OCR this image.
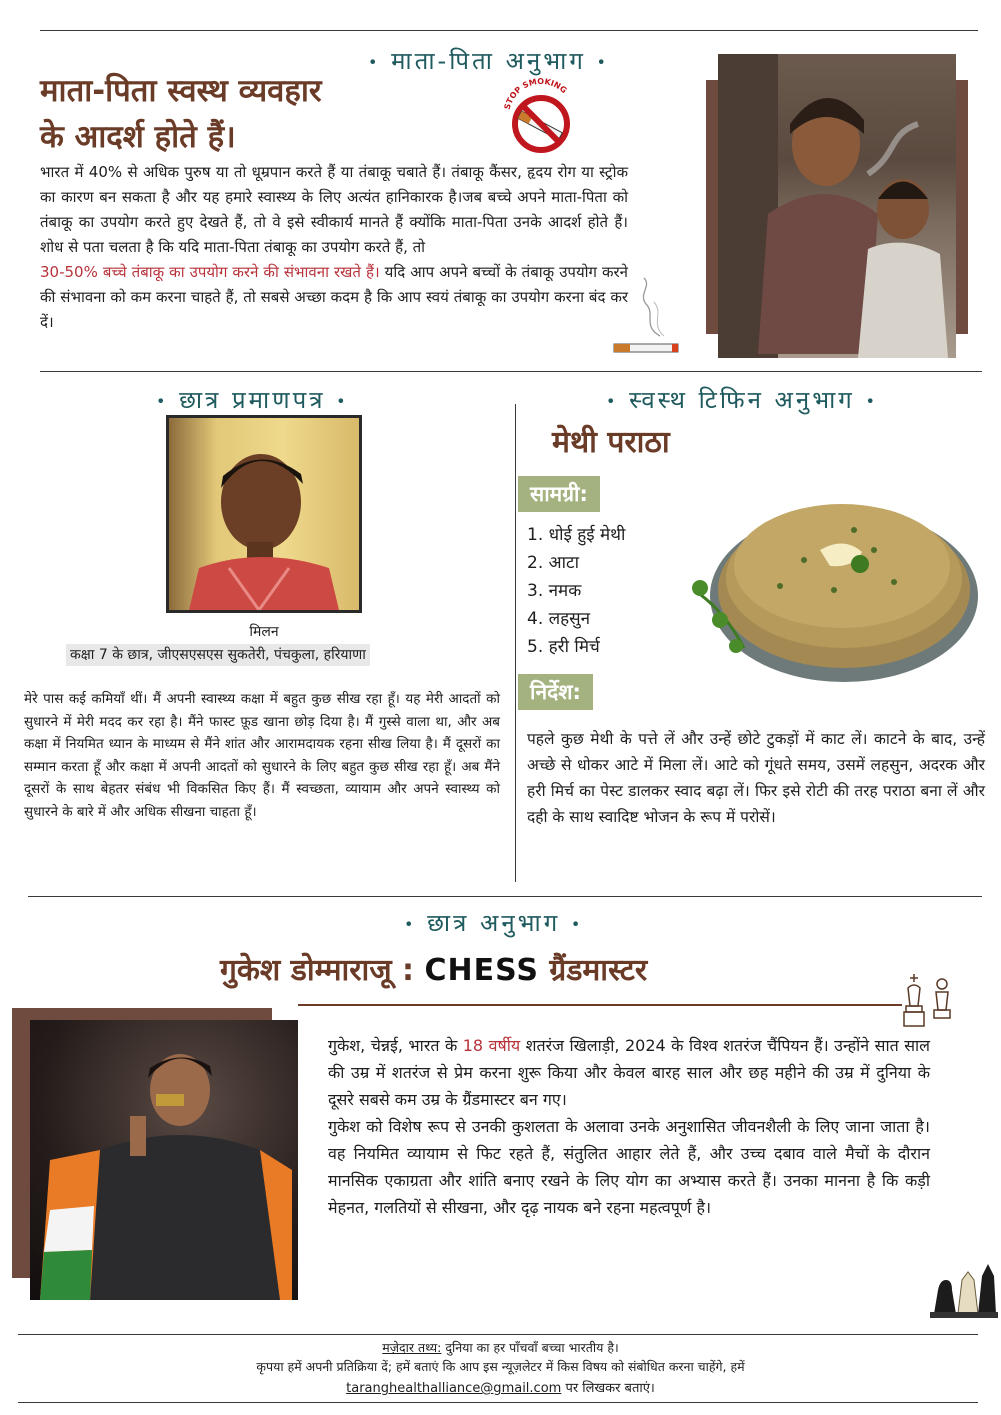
• माता-पिता अनुभाग •
माता-पिता स्वस्थ व्यवहार
के आदर्श होते हैं।
STOP SMOKING
भारत में 40% से अधिक पुरुष या तो धूम्रपान करते हैं या तंबाकू चबाते हैं। तंबाकू कैंसर, हृदय रोग या स्ट्रोक का कारण बन सकता है और यह हमारे स्वास्थ्य के लिए अत्यंत हानिकारक है।जब बच्चे अपने माता-पिता को तंबाकू का उपयोग करते हुए देखते हैं, तो वे इसे स्वीकार्य मानते हैं क्योंकि माता-पिता उनके आदर्श होते हैं। शोध से पता चलता है कि यदि माता-पिता तंबाकू का उपयोग करते हैं, तो
30-50% बच्चे तंबाकू का उपयोग करने की संभावना रखते हैं। यदि आप अपने बच्चों के तंबाकू उपयोग करने की संभावना को कम करना चाहते हैं, तो सबसे अच्छा कदम है कि आप स्वयं तंबाकू का उपयोग करना बंद कर दें।
• छात्र प्रमाणपत्र •
मिलन
कक्षा 7 के छात्र, जीएसएसएस सुकतेरी, पंचकुला, हरियाणा
मेरे पास कई कमियाँ थीं। मैं अपनी स्वास्थ्य कक्षा में बहुत कुछ सीख रहा हूँ। यह मेरी आदतों को सुधारने में मेरी मदद कर रहा है। मैंने फास्ट फ़ूड खाना छोड़ दिया है। मैं गुस्से वाला था, और अब कक्षा में नियमित ध्यान के माध्यम से मैंने शांत और आरामदायक रहना सीख लिया है। मैं दूसरों का सम्मान करता हूँ और कक्षा में अपनी आदतों को सुधारने के लिए बहुत कुछ सीख रहा हूँ। अब मैंने दूसरों के साथ बेहतर संबंध भी विकसित किए हैं। मैं स्वच्छता, व्यायाम और अपने स्वास्थ्य को सुधारने के बारे में और अधिक सीखना चाहता हूँ।
• स्वस्थ टिफिन अनुभाग •
मेथी पराठा
सामग्री:
1. धोई हुई मेथी
2. आटा
3. नमक
4. लहसुन
5. हरी मिर्च
निर्देश:
पहले कुछ मेथी के पत्ते लें और उन्हें छोटे टुकड़ों में काट लें। काटने के बाद, उन्हें अच्छे से धोकर आटे में मिला लें। आटे को गूंधते समय, उसमें लहसुन, अदरक और हरी मिर्च का पेस्ट डालकर स्वाद बढ़ा लें। फिर इसे रोटी की तरह पराठा बना लें और दही के साथ स्वादिष्ट भोजन के रूप में परोसें।
• छात्र अनुभाग •
गुकेश डोम्माराजू : CHESS ग्रैंडमास्टर
गुकेश, चेन्नई, भारत के 18 वर्षीय शतरंज खिलाड़ी, 2024 के विश्व शतरंज चैंपियन हैं। उन्होंने सात साल की उम्र में शतरंज से प्रेम करना शुरू किया और केवल बारह साल और छह महीने की उम्र में दुनिया के दूसरे सबसे कम उम्र के ग्रैंडमास्टर बन गए।
गुकेश को विशेष रूप से उनकी कुशलता के अलावा उनके अनुशासित जीवनशैली के लिए जाना जाता है। वह नियमित व्यायाम से फिट रहते हैं, संतुलित आहार लेते हैं, और उच्च दबाव वाले मैचों के दौरान मानसिक एकाग्रता और शांति बनाए रखने के लिए योग का अभ्यास करते हैं। उनका मानना है कि कड़ी मेहनत, गलतियों से सीखना, और दृढ़ नायक बने रहना महत्वपूर्ण है।
मज़ेदार तथ्य: दुनिया का हर पाँचवाँ बच्चा भारतीय है।
कृपया हमें अपनी प्रतिक्रिया दें; हमें बताएं कि आप इस न्यूज़लेटर में किस विषय को संबोधित करना चाहेंगे, हमें
taranghealthalliance@gmail.com पर लिखकर बताएं।
